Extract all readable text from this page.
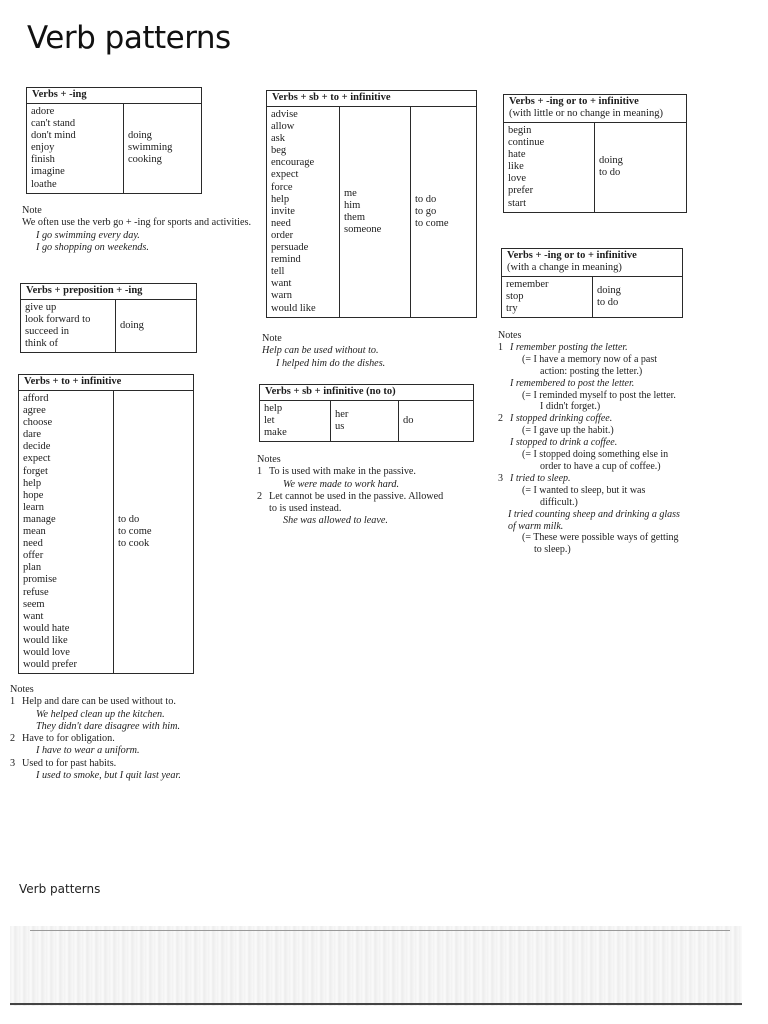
Verb patterns
Verbs + -ing
adore
can't stand
don't mind
enjoy
finish
imagine
loathe
doing
swimming
cooking

Note

We often use the verb go + -ing for sports and activities.

I go swimming every day.

I go shopping on weekends.

Verbs + preposition + -ing
give up
look forward to
succeed in
think of
doing
Verbs + to + infinitive
afford
agree
choose
dare
decide
expect
forget
help
hope
learn
manage
mean
need
offer
plan
promise
refuse
seem
want
would hate
would like
would love
would prefer
to do
to come
to cook

Notes

1 Help and dare can be used without to.

We helped clean up the kitchen.

They didn't dare disagree with him.

2 Have to for obligation.

I have to wear a uniform.

3 Used to for past habits.

I used to smoke, but I quit last year.

Verbs + sb + to + infinitive
advise
allow
ask
beg
encourage
expect
force
help
invite
need
order
persuade
remind
tell
want
warn
would like
me
him
them
someone
to do
to go
to come

Note

Help can be used without to.

I helped him do the dishes.

Verbs + sb + infinitive (no to)
help
let
make
her
us
do

Notes

1 To is used with make in the passive.

We were made to work hard.

2 Let cannot be used in the passive. Allowed

to is used instead.

She was allowed to leave.

Verbs + -ing or to + infinitive
(with little or no change in meaning)
begin
continue
hate
like
love
prefer
start
doing
to do
Verbs + -ing or to + infinitive
(with a change in meaning)
remember
stop
try
doing
to do

Notes

1 I remember posting the letter.

(= I have a memory now of a past

action: posting the letter.)

I remembered to post the letter.

(= I reminded myself to post the letter.

I didn't forget.)

2 I stopped drinking coffee.

(= I gave up the habit.)

I stopped to drink a coffee.

(= I stopped doing something else in

order to have a cup of coffee.)

3 I tried to sleep.

(= I wanted to sleep, but it was

difficult.)

I tried counting sheep and drinking a glass

of warm milk.

(= These were possible ways of getting

to sleep.)

Verb patterns
